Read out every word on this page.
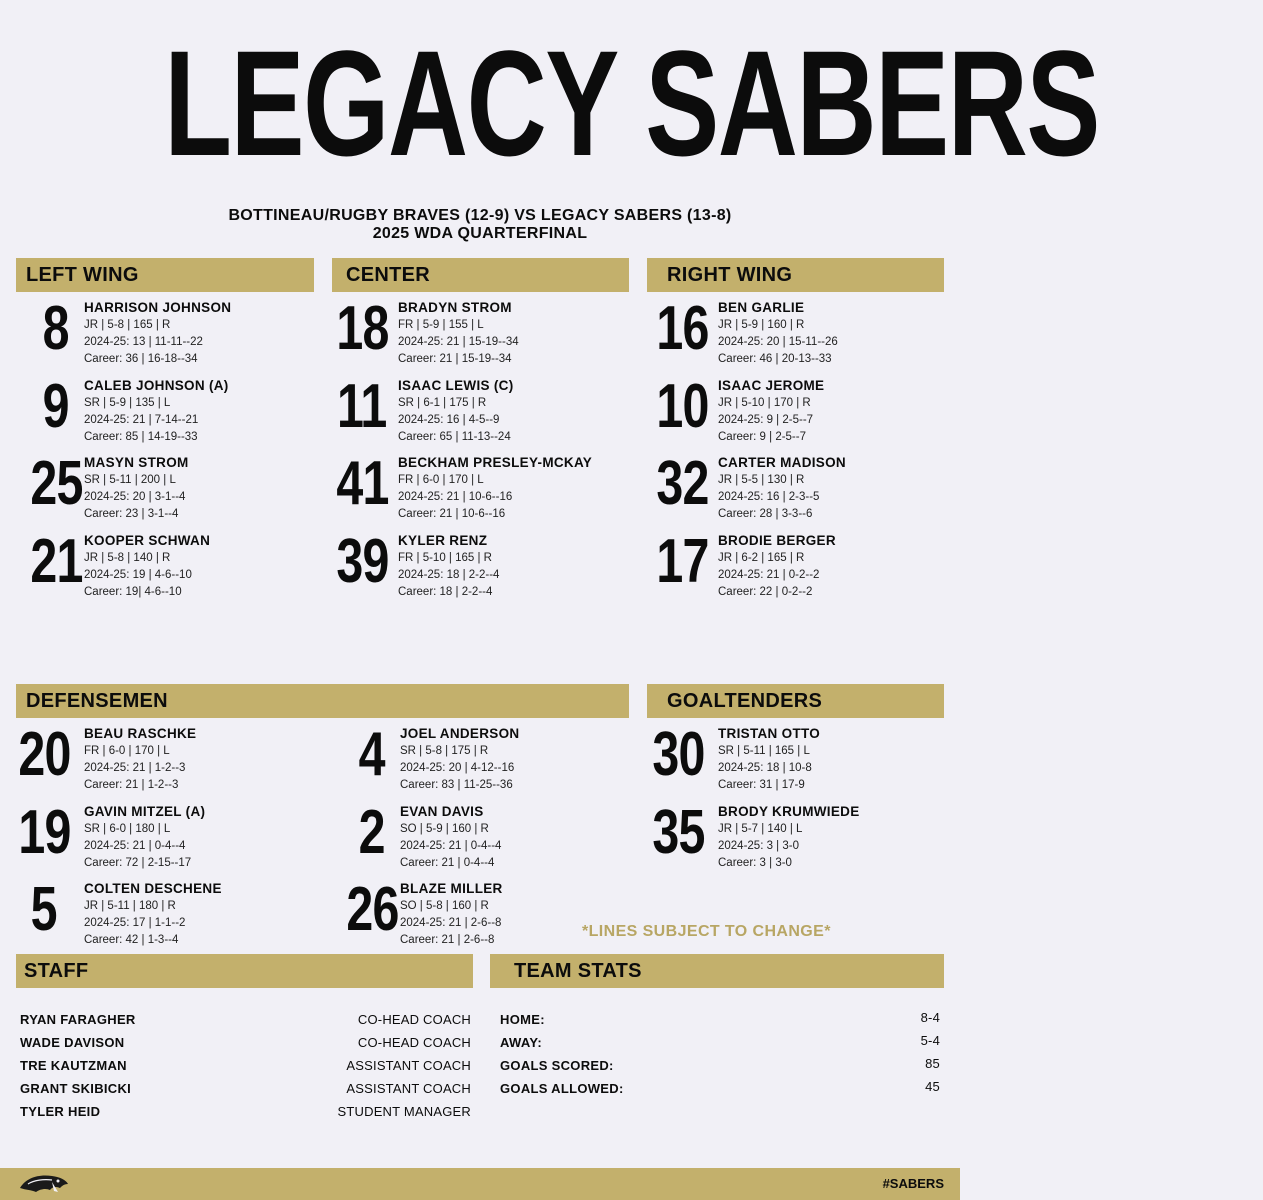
LEGACY SABERS
BOTTINEAU/RUGBY BRAVES (12-9) VS LEGACY SABERS (13-8)
2025 WDA QUARTERFINAL
LEFT WING	CENTER	RIGHT WING
DEFENSEMEN	GOALTENDERS
STAFF	TEAM STATS
8	HARRISON JOHNSON
JR | 5-8 | 165 | R
2024-25: 13 | 11-11--22
Career: 36 | 16-18--34
9	CALEB JOHNSON (A)
SR | 5-9 | 135 | L
2024-25: 21 | 7-14--21
Career: 85 | 14-19--33
25 MASYN STROM
SR | 5-11 | 200 | L
2024-25: 20 | 3-1--4
Career: 23 | 3-1--4
21 KOOPER SCHWAN
JR | 5-8 | 140 | R
2024-25: 19 | 4-6--10
Career: 19| 4-6--10
18 BRADYN STROM
FR | 5-9 | 155 | L
2024-25: 21 | 15-19--34
Career: 21 | 15-19--34
11 ISAAC LEWIS (C)
SR | 6-1 | 175 | R
2024-25: 16 | 4-5--9
Career: 65 | 11-13--24
41 BECKHAM PRESLEY-MCKAY
FR | 6-0 | 170 | L
2024-25: 21 | 10-6--16
Career: 21 | 10-6--16
39 KYLER RENZ
FR | 5-10 | 165 | R
2024-25: 18 | 2-2--4
Career: 18 | 2-2--4
16 BEN GARLIE
JR | 5-9 | 160 | R
2024-25: 20 | 15-11--26
Career: 46 | 20-13--33
10 ISAAC JEROME
JR | 5-10 | 170 | R
2024-25: 9 | 2-5--7
Career: 9 | 2-5--7
32 CARTER MADISON
JR | 5-5 | 130 | R
2024-25: 16 | 2-3--5
Career: 28 | 3-3--6
17 BRODIE BERGER
JR | 6-2 | 165 | R
2024-25: 21 | 0-2--2
Career: 22 | 0-2--2
20	BEAU RASCHKE
FR | 6-0 | 170 | L
2024-25: 21 | 1-2--3
Career: 21 | 1-2--3
19	GAVIN MITZEL (A)
SR | 6-0 | 180 | L
2024-25: 21 | 0-4--4
Career: 72 | 2-15--17
5	COLTEN DESCHENE
JR | 5-11 | 180 | R
2024-25: 17 | 1-1--2
Career: 42 | 1-3--4
4	JOEL ANDERSON
SR | 5-8 | 175 | R
2024-25: 20 | 4-12--16
Career: 83 | 11-25--36
2	EVAN DAVIS
SO | 5-9 | 160 | R
2024-25: 21 | 0-4--4
Career: 21 | 0-4--4
26 BLAZE MILLER
SO | 5-8 | 160 | R
2024-25: 21 | 2-6--8
Career: 21 | 2-6--8
30	TRISTAN OTTO
SR | 5-11 | 165 | L
2024-25: 18 | 10-8
Career: 31 | 17-9
35	BRODY KRUMWIEDE
JR | 5-7 | 140 | L
2024-25: 3 | 3-0
Career: 3 | 3-0
*LINES SUBJECT TO CHANGE*
RYAN FARAGHER	CO-HEAD COACH
WADE DAVISON	CO-HEAD COACH
TRE KAUTZMAN	ASSISTANT COACH
GRANT SKIBICKI	ASSISTANT COACH
TYLER HEID	STUDENT MANAGER
HOME:	8-4
AWAY:	5-4
GOALS SCORED:	85
GOALS ALLOWED:	45
#SABERS
